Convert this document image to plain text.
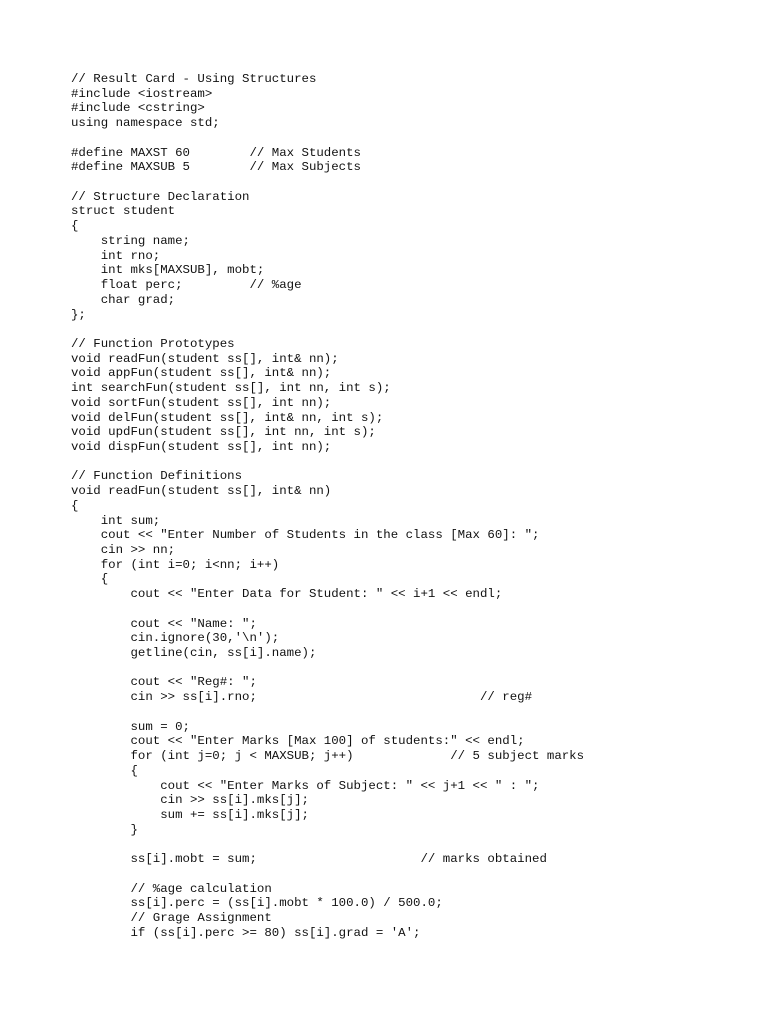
// Result Card - Using Structures
#include <iostream>
#include <cstring>
using namespace std;
#define MAXST 60        // Max Students
#define MAXSUB 5        // Max Subjects
// Structure Declaration
struct student
{
string name;
int rno;
int mks[MAXSUB], mobt;
float perc;         // %age
char grad;
};
// Function Prototypes
void readFun(student ss[], int& nn);
void appFun(student ss[], int& nn);
int searchFun(student ss[], int nn, int s);
void sortFun(student ss[], int nn);
void delFun(student ss[], int& nn, int s);
void updFun(student ss[], int nn, int s);
void dispFun(student ss[], int nn);
// Function Definitions
void readFun(student ss[], int& nn)
{
int sum;
cout << "Enter Number of Students in the class [Max 60]: ";
cin >> nn;
for (int i=0; i<nn; i++)
{
cout << "Enter Data for Student: " << i+1 << endl;
cout << "Name: ";
cin.ignore(30,'\n');
getline(cin, ss[i].name);
cout << "Reg#: ";
cin >> ss[i].rno;                              // reg#
sum = 0;
cout << "Enter Marks [Max 100] of students:" << endl;
for (int j=0; j < MAXSUB; j++)             // 5 subject marks
{
cout << "Enter Marks of Subject: " << j+1 << " : ";
cin >> ss[i].mks[j];
sum += ss[i].mks[j];
}
ss[i].mobt = sum;                      // marks obtained
// %age calculation
ss[i].perc = (ss[i].mobt * 100.0) / 500.0;
// Grage Assignment
if (ss[i].perc >= 80) ss[i].grad = 'A';
